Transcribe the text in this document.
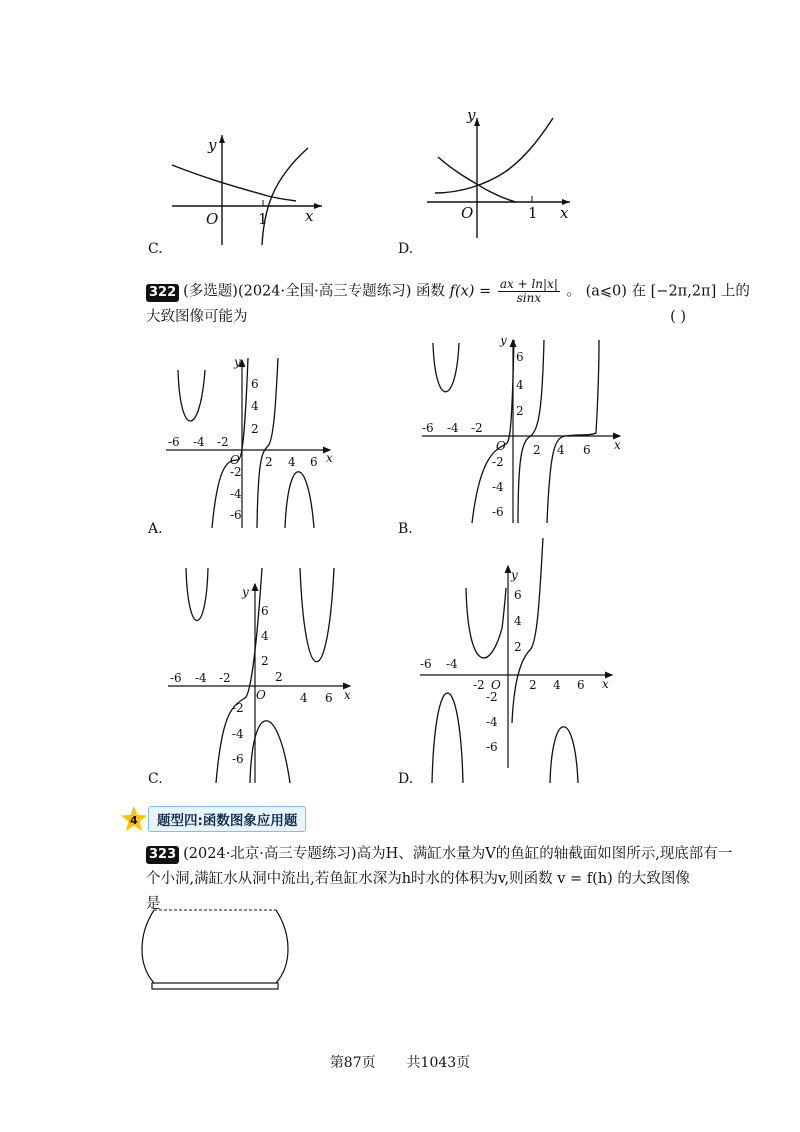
y
O	1 x
y
O	1 x
C.	D.
322 (多选题)(2024·全国·高三专题练习) 函数 $f(x) = \frac{ax + \ln|x|}{\sin x}$ 。 (a⩽0) 在 [−2π,2π] 上的
大致图像可能为	( )
-6 -4 -2
2 4 6
6
4
2
-2
-4
-6
y
x
O
-6 -4 -2
2 4 6
6
4
2
-2
-4
-6
y
x
O
-6 -4 -2	2
4 6
6
4
2
-2
-4
-6
y
x
O
-6 -4
-2	2 4 6
6
4
2
-2
-4
-6
y
x
O
A.	B.
C.	D.
4	题型四:函数图象应用题
323 (2024·北京·高三专题练习)高为H、满缸水量为V的鱼缸的轴截面如图所示,现底部有一
个小洞,满缸水从洞中流出,若鱼缸水深为h时水的体积为v,则函数 v = f(h) 的大致图像
是
第87页 共1043页
